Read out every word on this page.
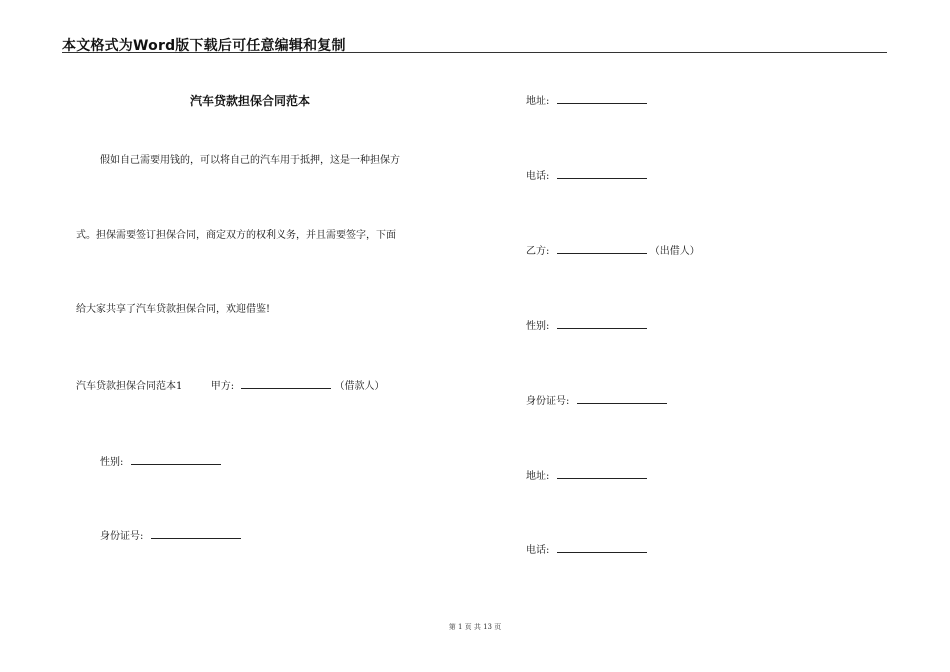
本文格式为Word版下载后可任意编辑和复制
汽车贷款担保合同范本
假如自己需要用钱的，可以将自己的汽车用于抵押，这是一种担保方
式。担保需要签订担保合同，商定双方的权利义务，并且需要签字，下面
给大家共享了汽车贷款担保合同，欢迎借鉴!
汽车贷款担保合同范本1	甲方:	（借款人）
性别:
身份证号:
地址:
电话:
乙方:	（出借人）
性别:
身份证号:
地址:
电话:
第 1 页 共 13 页
